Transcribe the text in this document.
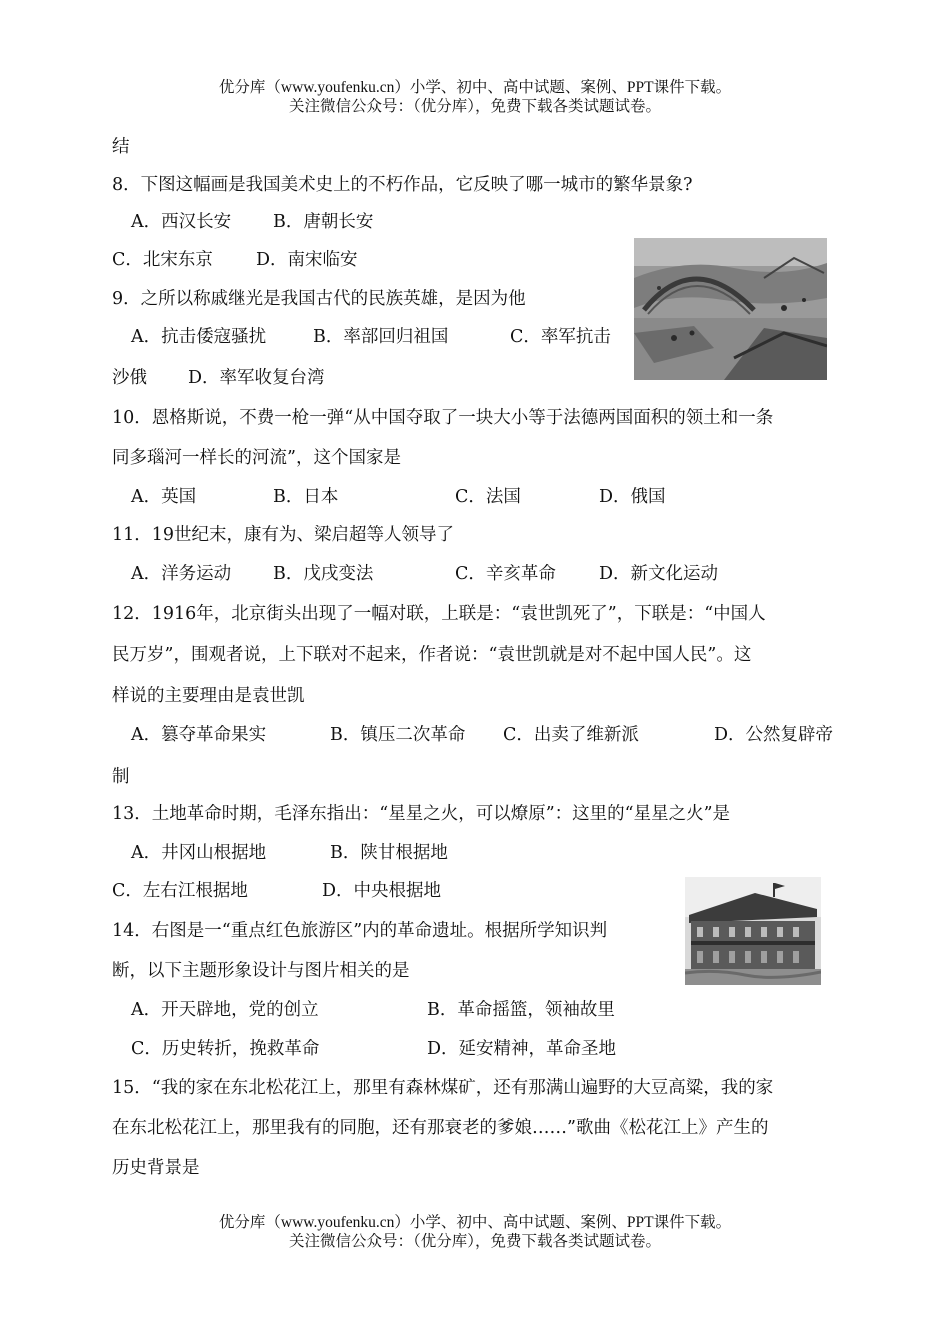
优分库（www.youfenku.cn）小学、初中、高中试题、案例、PPT课件下载。
关注微信公众号：（优分库），免费下载各类试题试卷。
结
8．下图这幅画是我国美术史上的不朽作品，它反映了哪一城市的繁华景象?
A．西汉长安 B．唐朝长安
C．北宋东京 D．南宋临安
9．之所以称戚继光是我国古代的民族英雄，是因为他
A．抗击倭寇骚扰	B．率部回归祖国	C．率军抗击
沙俄 D．率军收复台湾
10．恩格斯说，不费一枪一弹“从中国夺取了一块大小等于法德两国面积的领土和一条
同多瑙河一样长的河流”，这个国家是
A．英国	B．日本	C．法国	D．俄国
11．19世纪末，康有为、梁启超等人领导了
A．洋务运动 B．戊戌变法	C．辛亥革命 D．新文化运动
12．1916年，北京街头出现了一幅对联，上联是：“袁世凯死了”，下联是：“中国人
民万岁”，围观者说，上下联对不起来，作者说：“袁世凯就是对不起中国人民”。这
样说的主要理由是袁世凯
A．篡夺革命果实	B．镇压二次革命 C．出卖了维新派	D．公然复辟帝
制
13．土地革命时期，毛泽东指出：“星星之火，可以燎原”：这里的“星星之火”是
A．井冈山根据地	B．陕甘根据地
C．左右江根据地	D．中央根据地
14．右图是一“重点红色旅游区”内的革命遗址。根据所学知识判
断，以下主题形象设计与图片相关的是
A．开天辟地，党的创立	B．革命摇篮，领袖故里
C．历史转折，挽救革命	D．延安精神，革命圣地
15．“我的家在东北松花江上，那里有森林煤矿，还有那满山遍野的大豆高粱，我的家
在东北松花江上，那里我有的同胞，还有那衰老的爹娘……”歌曲《松花江上》产生的
历史背景是
优分库（www.youfenku.cn）小学、初中、高中试题、案例、PPT课件下载。
关注微信公众号：（优分库），免费下载各类试题试卷。
